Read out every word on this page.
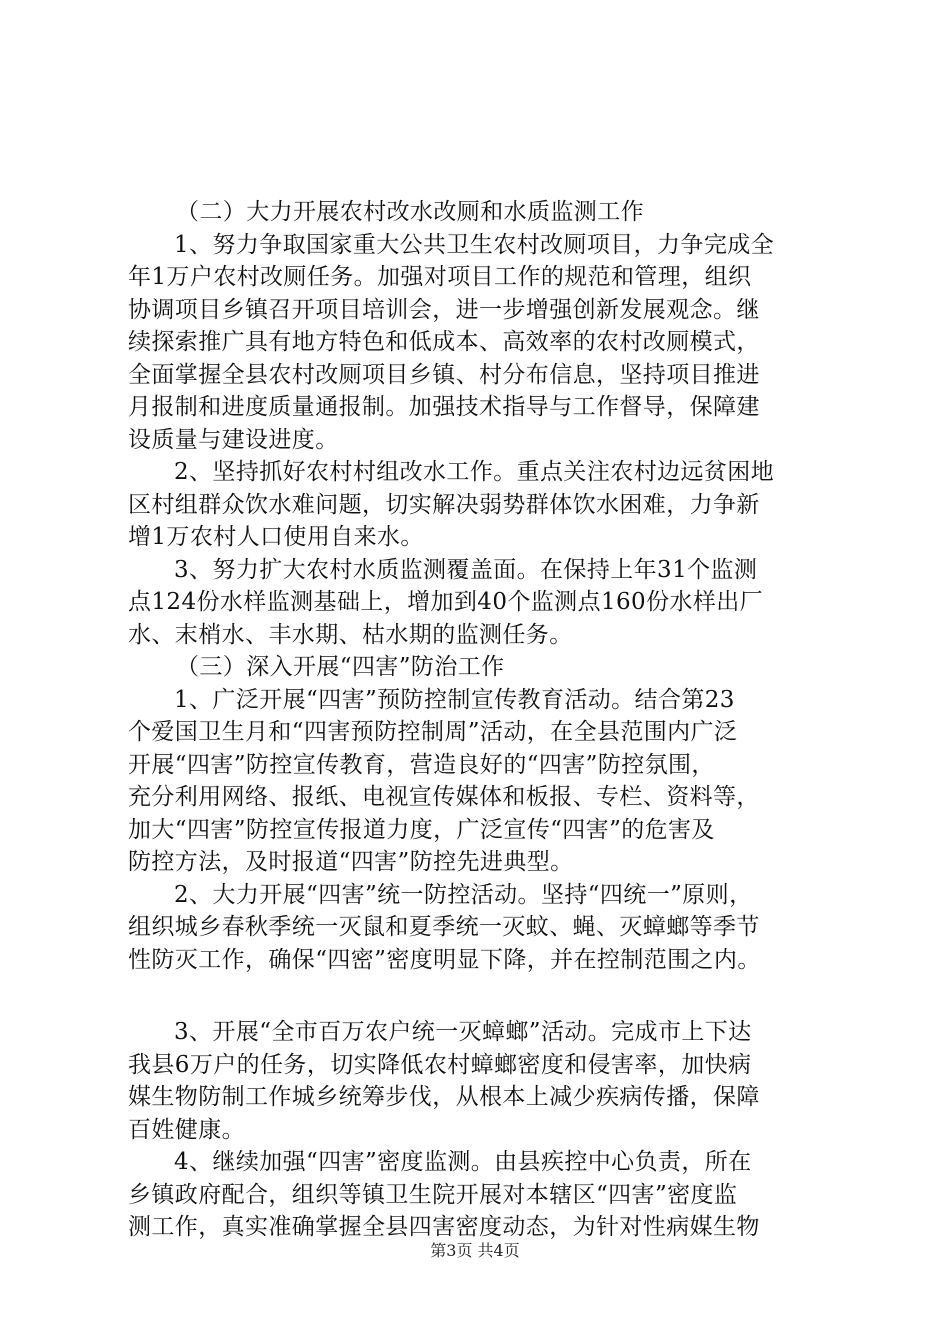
（二）大力开展农村改水改厕和水质监测工作
1、努力争取国家重大公共卫生农村改厕项目，力争完成全
年1万户农村改厕任务。加强对项目工作的规范和管理，组织
协调项目乡镇召开项目培训会，进一步增强创新发展观念。继
续探索推广具有地方特色和低成本、高效率的农村改厕模式，
全面掌握全县农村改厕项目乡镇、村分布信息，坚持项目推进
月报制和进度质量通报制。加强技术指导与工作督导，保障建
设质量与建设进度。
2、坚持抓好农村村组改水工作。重点关注农村边远贫困地
区村组群众饮水难问题，切实解决弱势群体饮水困难，力争新
增1万农村人口使用自来水。
3、努力扩大农村水质监测覆盖面。在保持上年31个监测
点124份水样监测基础上，增加到40个监测点160份水样出厂
水、末梢水、丰水期、枯水期的监测任务。
（三）深入开展“四害”防治工作
1、广泛开展“四害”预防控制宣传教育活动。结合第23
个爱国卫生月和“四害预防控制周”活动，在全县范围内广泛
开展“四害”防控宣传教育，营造良好的“四害”防控氛围，
充分利用网络、报纸、电视宣传媒体和板报、专栏、资料等，
加大“四害”防控宣传报道力度，广泛宣传“四害”的危害及
防控方法，及时报道“四害”防控先进典型。
2、大力开展“四害”统一防控活动。坚持“四统一”原则，
组织城乡春秋季统一灭鼠和夏季统一灭蚊、蝇、灭蟑螂等季节
性防灭工作，确保“四密”密度明显下降，并在控制范围之内。
3、开展“全市百万农户统一灭蟑螂”活动。完成市上下达
我县6万户的任务，切实降低农村蟑螂密度和侵害率，加快病
媒生物防制工作城乡统筹步伐，从根本上减少疾病传播，保障
百姓健康。
4、继续加强“四害”密度监测。由县疾控中心负责，所在
乡镇政府配合，组织等镇卫生院开展对本辖区“四害”密度监
测工作，真实准确掌握全县四害密度动态，为针对性病媒生物
第3页 共4页
